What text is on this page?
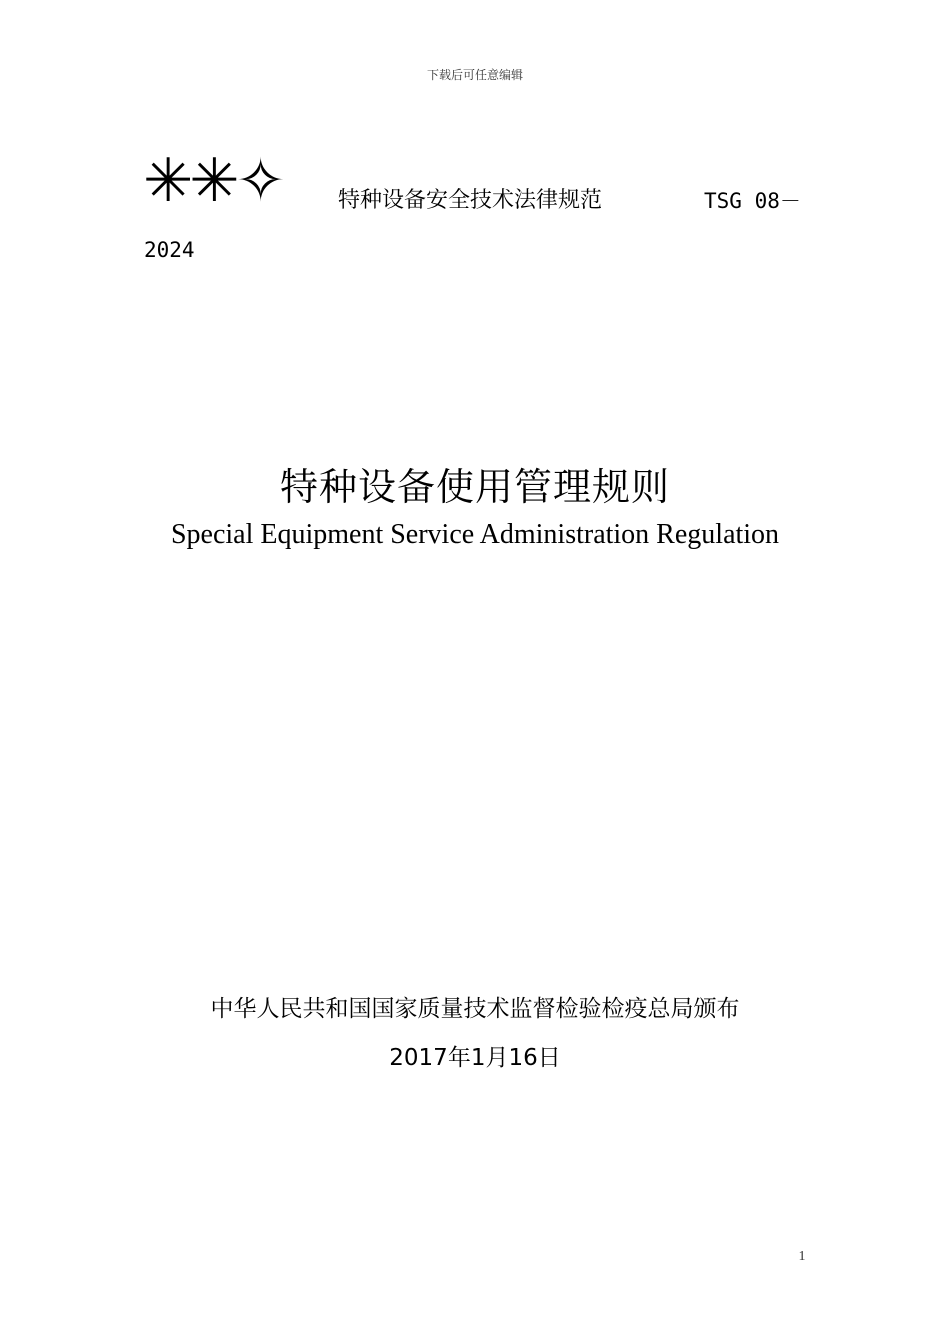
下载后可任意编辑
✳✳✧	特种设备安全技术法律规范	TSG 08－
2024
特种设备使用管理规则
Special Equipment Service Administration Regulation
中华人民共和国国家质量技术监督检验检疫总局颁布
2017年1月16日
1
